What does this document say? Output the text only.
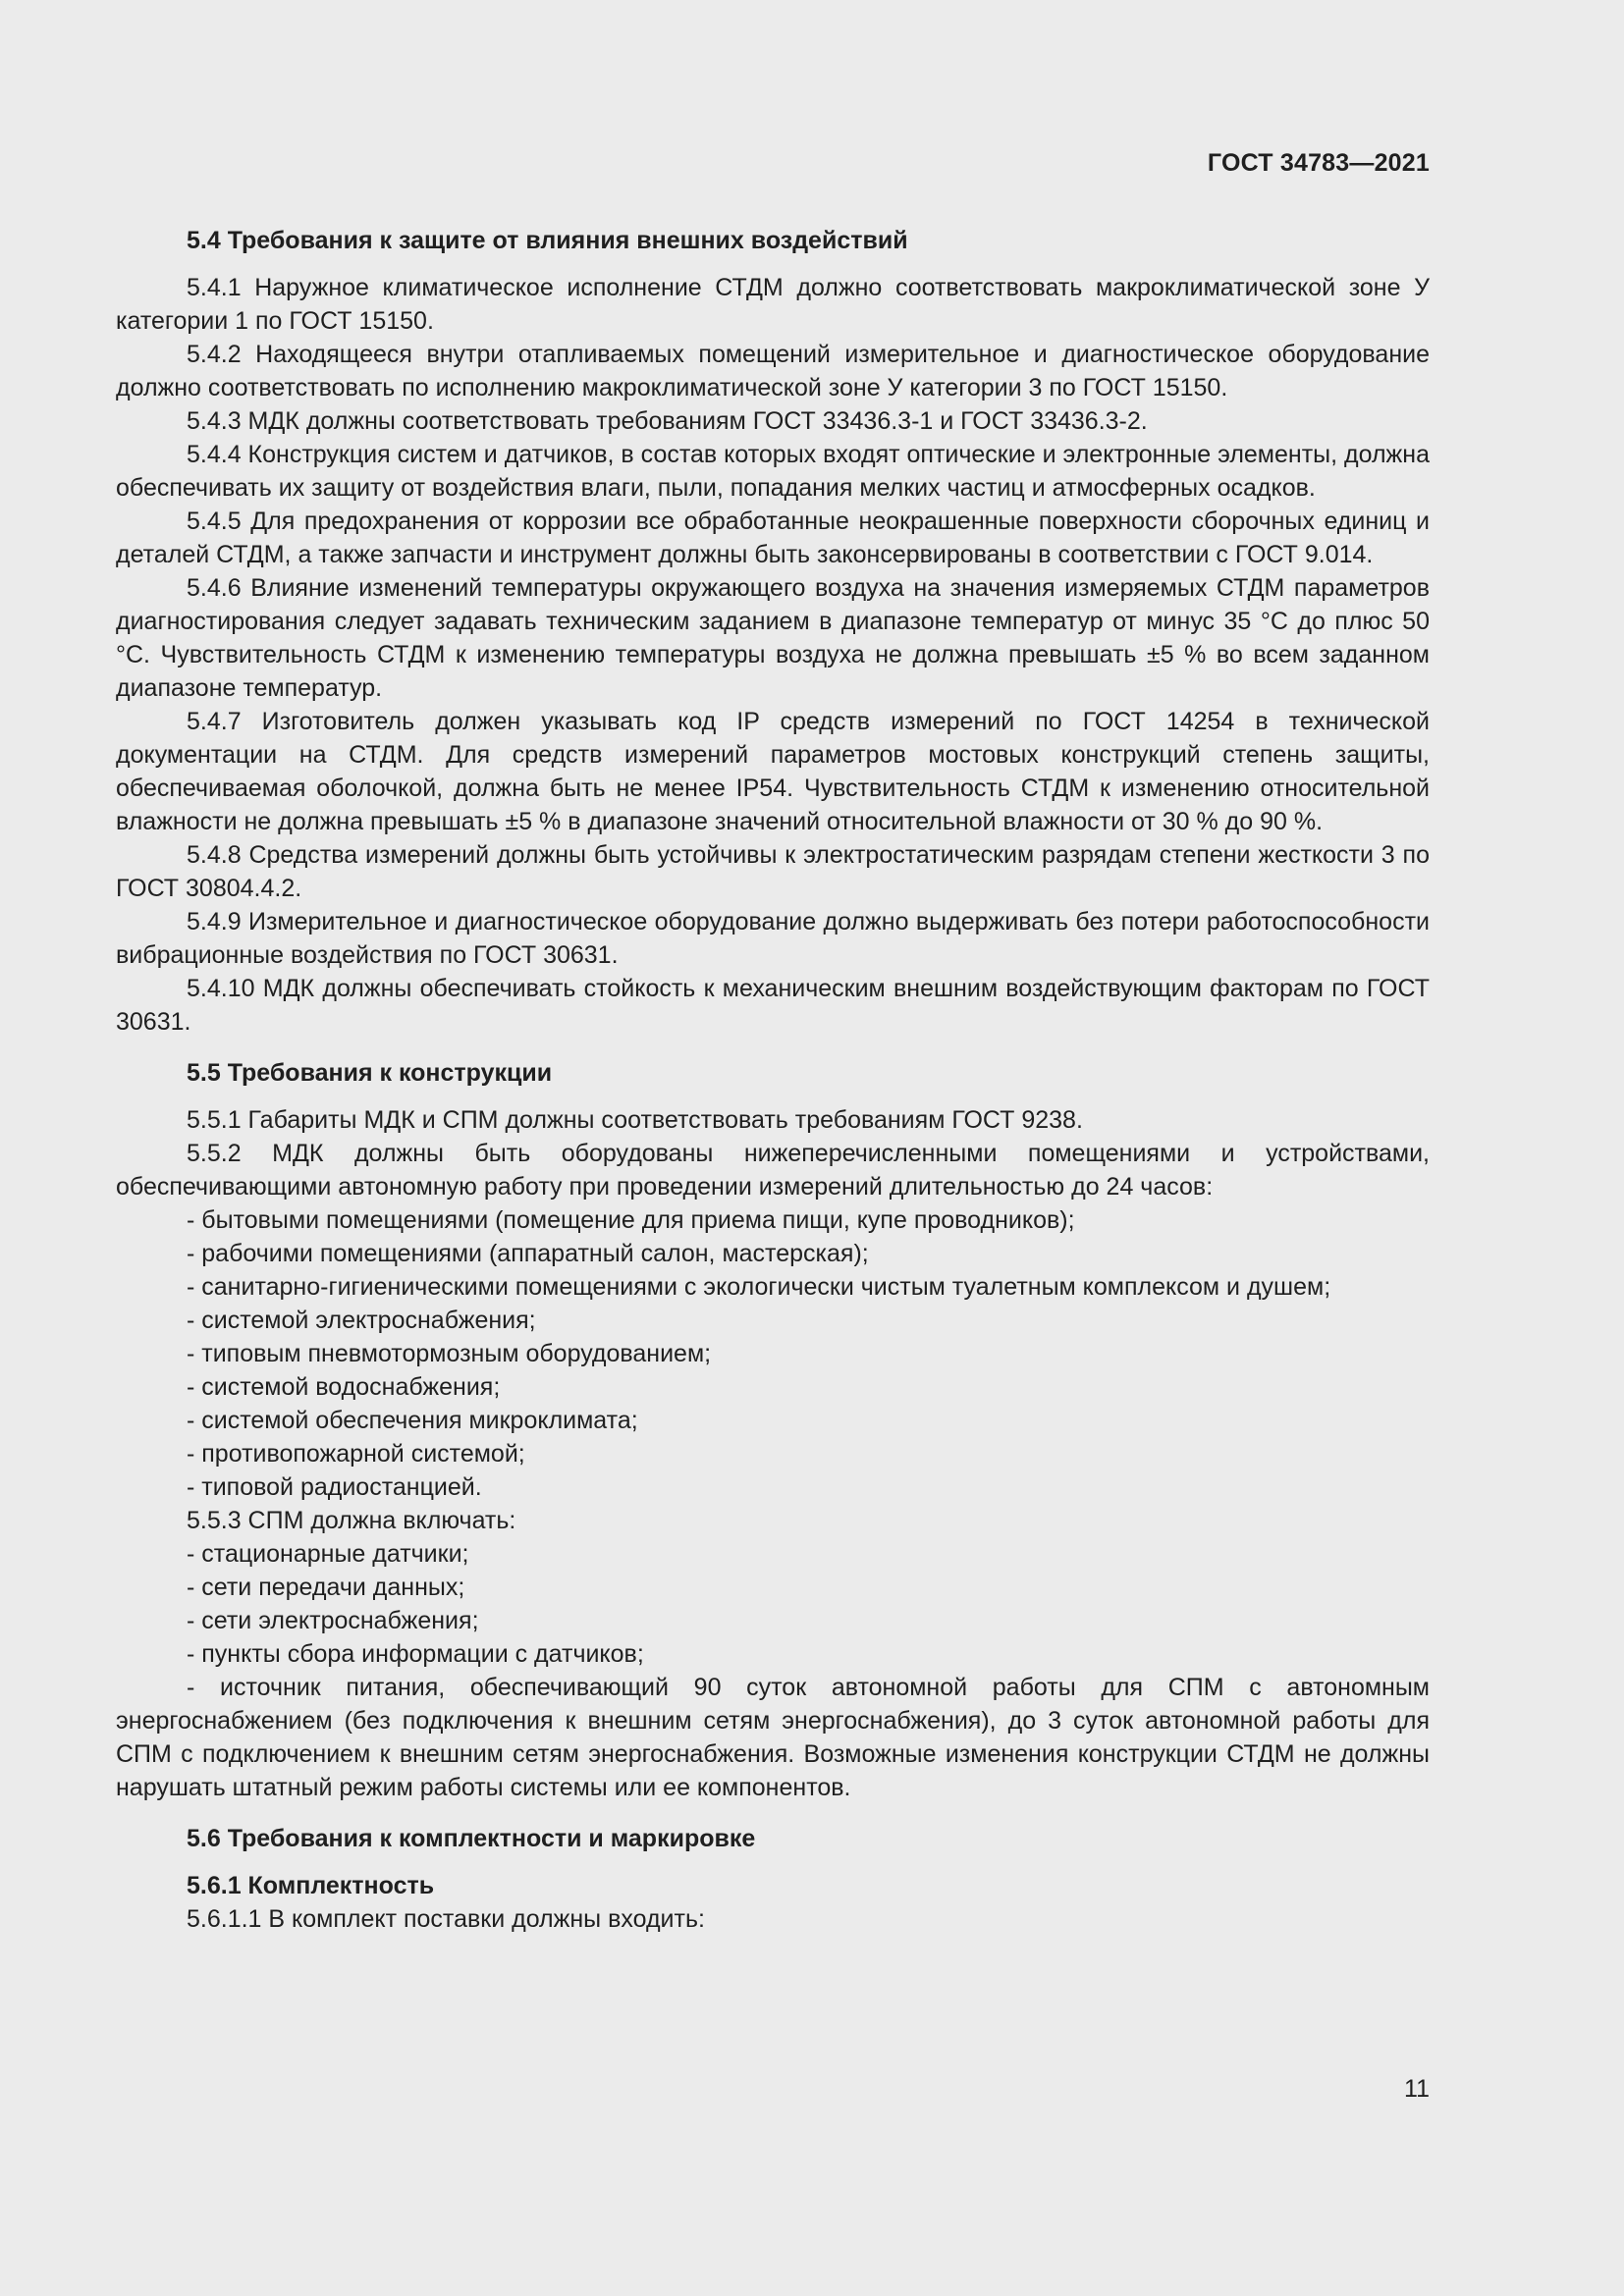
ГОСТ 34783—2021

5.4 Требования к защите от влияния внешних воздействий

5.4.1 Наружное климатическое исполнение СТДМ должно соответствовать макроклиматической зоне У категории 1 по ГОСТ 15150.

5.4.2 Находящееся внутри отапливаемых помещений измерительное и диагностическое оборудование должно соответствовать по исполнению макроклиматической зоне У категории 3 по ГОСТ 15150.

5.4.3 МДК должны соответствовать требованиям ГОСТ 33436.3-1 и ГОСТ 33436.3-2.

5.4.4 Конструкция систем и датчиков, в состав которых входят оптические и электронные элементы, должна обеспечивать их защиту от воздействия влаги, пыли, попадания мелких частиц и атмосферных осадков.

5.4.5 Для предохранения от коррозии все обработанные неокрашенные поверхности сборочных единиц и деталей СТДМ, а также запчасти и инструмент должны быть законсервированы в соответствии с ГОСТ 9.014.

5.4.6 Влияние изменений температуры окружающего воздуха на значения измеряемых СТДМ параметров диагностирования следует задавать техническим заданием в диапазоне температур от минус 35 °С до плюс 50 °С. Чувствительность СТДМ к изменению температуры воздуха не должна превышать ±5 % во всем заданном диапазоне температур.

5.4.7 Изготовитель должен указывать код IP средств измерений по ГОСТ 14254 в технической документации на СТДМ. Для средств измерений параметров мостовых конструкций степень защиты, обеспечиваемая оболочкой, должна быть не менее IP54. Чувствительность СТДМ к изменению относительной влажности не должна превышать ±5 % в диапазоне значений относительной влажности от 30 % до 90 %.

5.4.8 Средства измерений должны быть устойчивы к электростатическим разрядам степени жесткости 3 по ГОСТ 30804.4.2.

5.4.9 Измерительное и диагностическое оборудование должно выдерживать без потери работоспособности вибрационные воздействия по ГОСТ 30631.

5.4.10 МДК должны обеспечивать стойкость к механическим внешним воздействующим факторам по ГОСТ 30631.

5.5 Требования к конструкции

5.5.1 Габариты МДК и СПМ должны соответствовать требованиям ГОСТ 9238.

5.5.2 МДК должны быть оборудованы нижеперечисленными помещениями и устройствами, обеспечивающими автономную работу при проведении измерений длительностью до 24 часов:

- бытовыми помещениями (помещение для приема пищи, купе проводников);

- рабочими помещениями (аппаратный салон, мастерская);

- санитарно-гигиеническими помещениями с экологически чистым туалетным комплексом и душем;

- системой электроснабжения;

- типовым пневмотормозным оборудованием;

- системой водоснабжения;

- системой обеспечения микроклимата;

- противопожарной системой;

- типовой радиостанцией.

5.5.3 СПМ должна включать:

- стационарные датчики;

- сети передачи данных;

- сети электроснабжения;

- пункты сбора информации с датчиков;

- источник питания, обеспечивающий 90 суток автономной работы для СПМ с автономным энергоснабжением (без подключения к внешним сетям энергоснабжения), до 3 суток автономной работы для СПМ с подключением к внешним сетям энергоснабжения. Возможные изменения конструкции СТДМ не должны нарушать штатный режим работы системы или ее компонентов.

5.6 Требования к комплектности и маркировке

5.6.1 Комплектность

5.6.1.1 В комплект поставки должны входить:

11
